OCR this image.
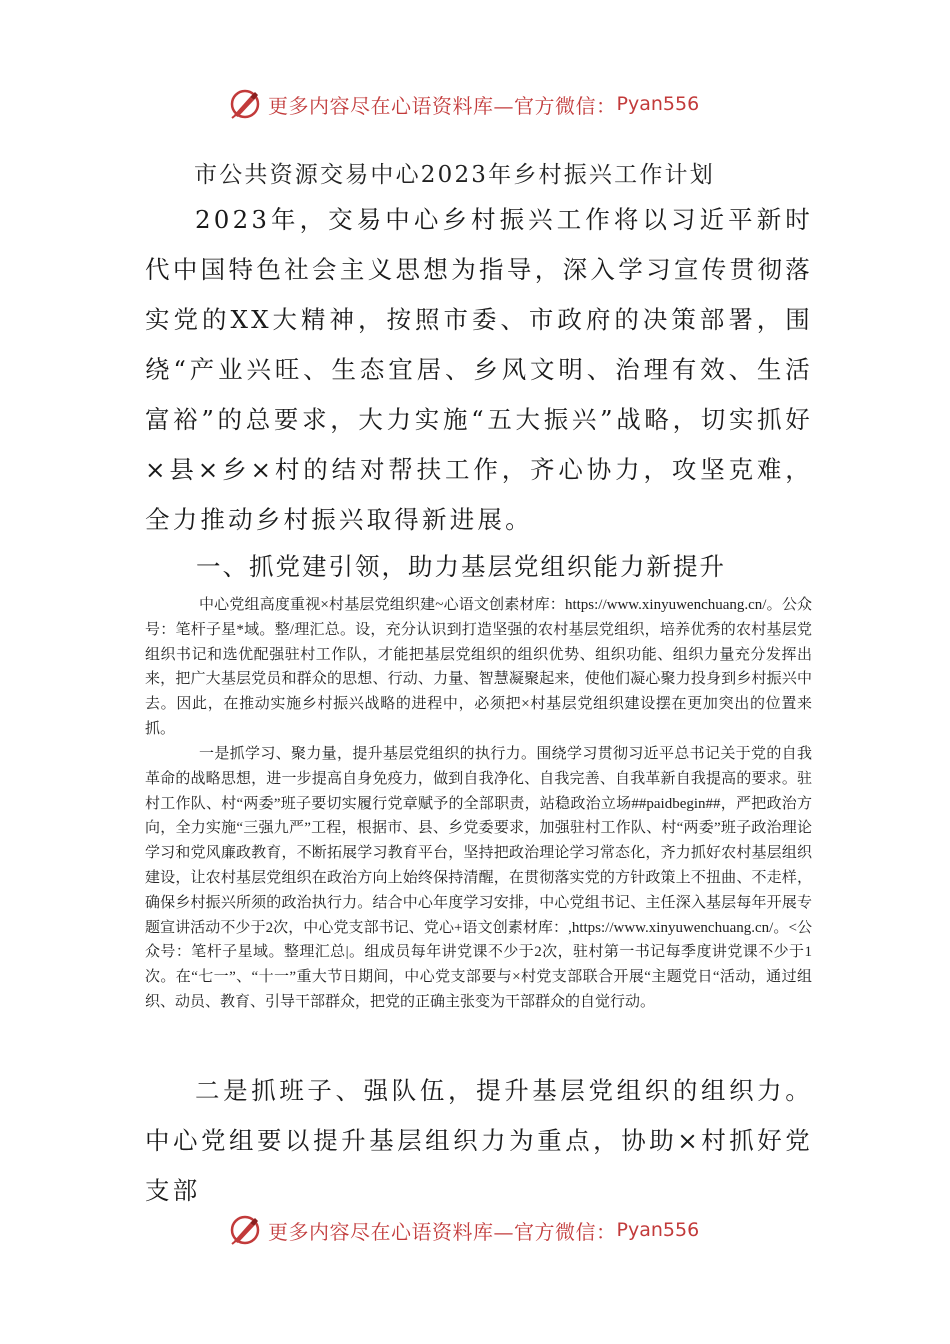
更多内容尽在心语资料库—官方微信： Pyan556
市公共资源交易中心2023年乡村振兴工作计划

2023年，交易中心乡村振兴工作将以习近平新时代中国特色社会主义思想为指导，深入学习宣传贯彻落实党的XX大精神，按照市委、市政府的决策部署，围绕“产业兴旺、生态宜居、乡风文明、治理有效、生活富裕”的总要求，大力实施“五大振兴”战略，切实抓好×县×乡×村的结对帮扶工作，齐心协力，攻坚克难，全力推动乡村振兴取得新进展。

一、抓党建引领，助力基层党组织能力新提升

中心党组高度重视×村基层党组织建~心语文创素材库：https://www.xinyuwenchuang.cn/。公众号：笔杆子星*域。整/理汇总。设，充分认识到打造坚强的农村基层党组织，培养优秀的农村基层党组织书记和选优配强驻村工作队，才能把基层党组织的组织优势、组织功能、组织力量充分发挥出来，把广大基层党员和群众的思想、行动、力量、智慧凝聚起来，使他们凝心聚力投身到乡村振兴中去。因此，在推动实施乡村振兴战略的进程中，必须把×村基层党组织建设摆在更加突出的位置来抓。

一是抓学习、聚力量，提升基层党组织的执行力。围绕学习贯彻习近平总书记关于党的自我革命的战略思想，进一步提高自身免疫力，做到自我净化、自我完善、自我革新自我提高的要求。驻村工作队、村“两委”班子要切实履行党章赋予的全部职责，站稳政治立场##paidbegin##，严把政治方向，全力实施“三强九严”工程，根据市、县、乡党委要求，加强驻村工作队、村“两委”班子政治理论学习和党风廉政教育，不断拓展学习教育平台，坚持把政治理论学习常态化，齐力抓好农村基层组织建设，让农村基层党组织在政治方向上始终保持清醒，在贯彻落实党的方针政策上不扭曲、不走样，确保乡村振兴所须的政治执行力。结合中心年度学习安排，中心党组书记、主任深入基层每年开展专题宣讲活动不少于2次，中心党支部书记、党心+语文创素材库：,https://www.xinyuwenchuang.cn/。<公众号：笔杆子星域。整理汇总|。组成员每年讲党课不少于2次，驻村第一书记每季度讲党课不少于1次。在“七一”、“十一”重大节日期间，中心党支部要与×村党支部联合开展“主题党日“活动，通过组织、动员、教育、引导干部群众，把党的正确主张变为干部群众的自觉行动。

二是抓班子、强队伍，提升基层党组织的组织力。中心党组要以提升基层组织力为重点，协助×村抓好党支部

更多内容尽在心语资料库—官方微信： Pyan556
